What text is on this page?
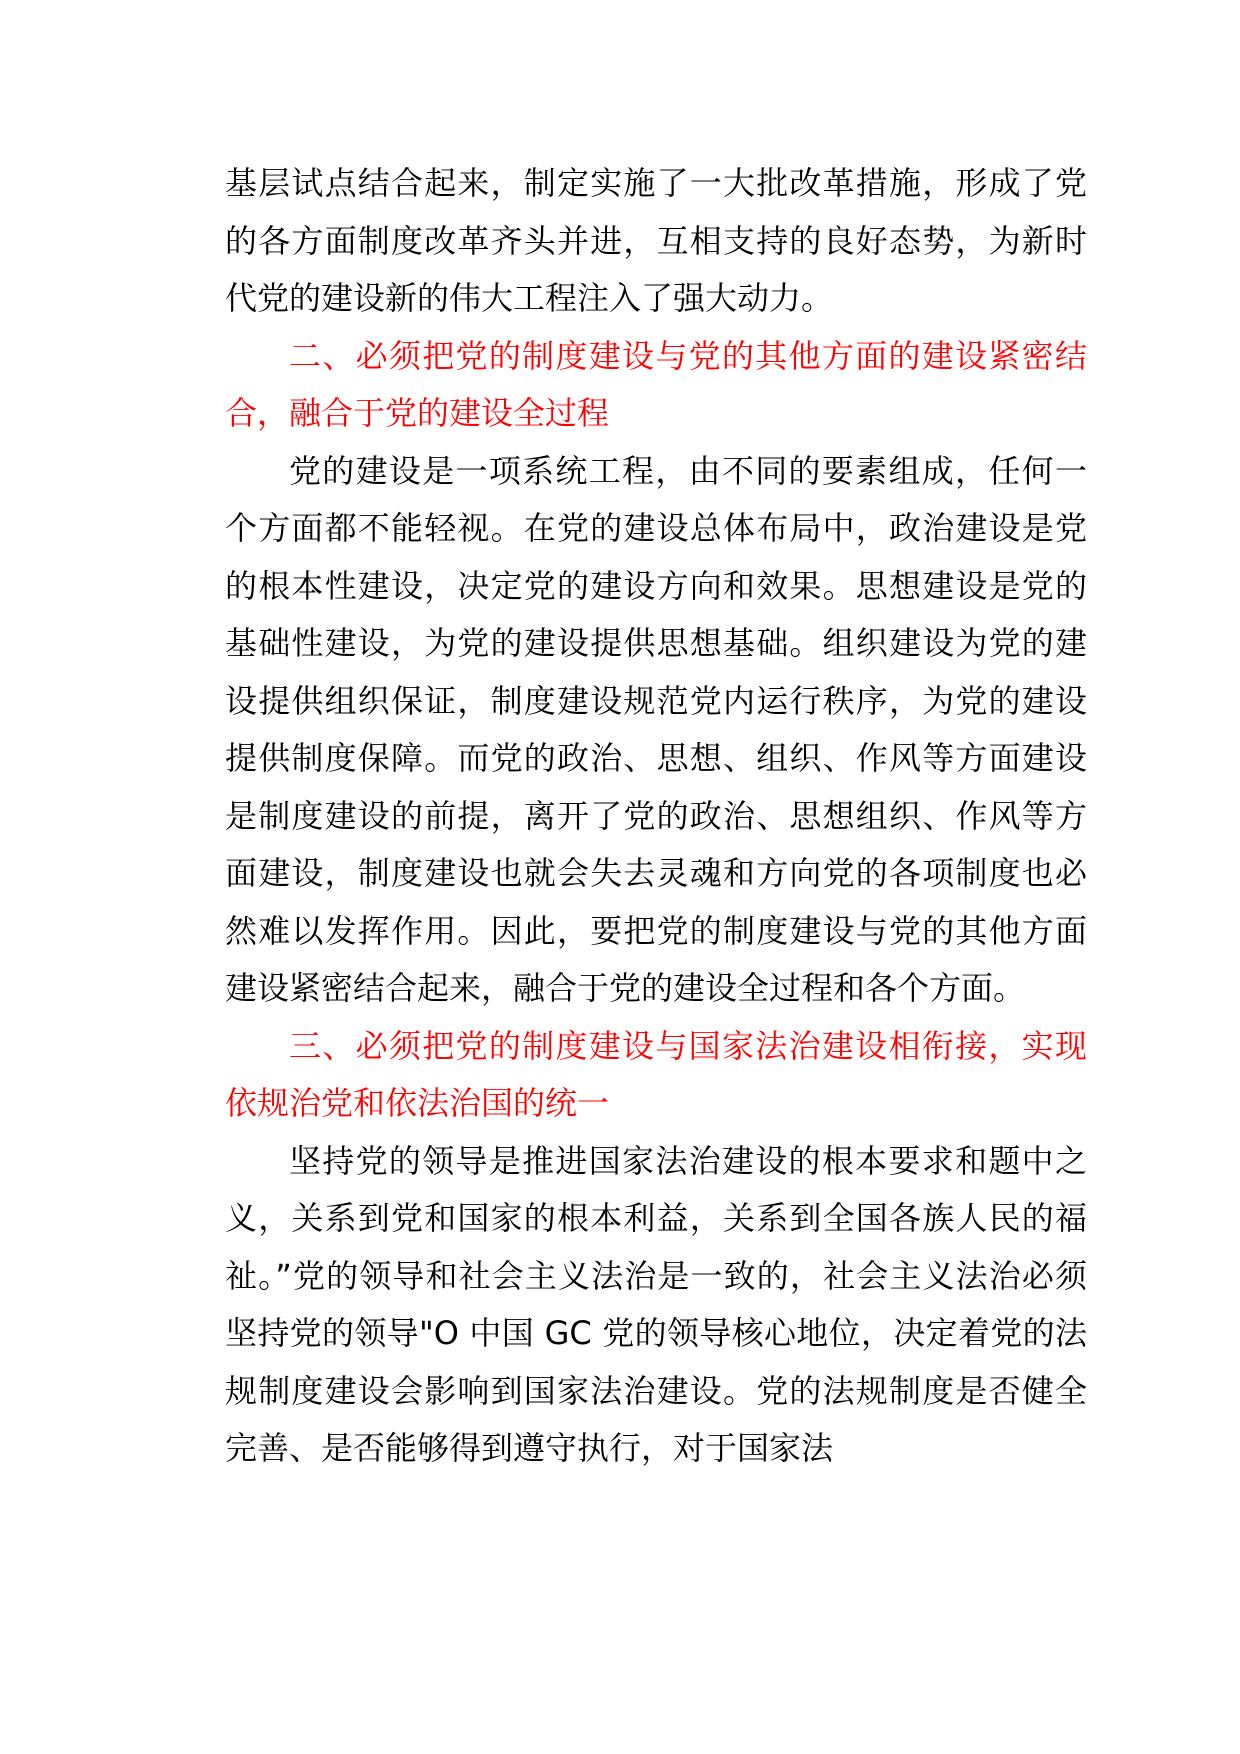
基层试点结合起来，制定实施了一大批改革措施，形成了党的各方面制度改革齐头并进，互相支持的良好态势，为新时代党的建设新的伟大工程注入了强大动力。

二、必须把党的制度建设与党的其他方面的建设紧密结合，融合于党的建设全过程

党的建设是一项系统工程，由不同的要素组成，任何一个方面都不能轻视。在党的建设总体布局中，政治建设是党的根本性建设，决定党的建设方向和效果。思想建设是党的基础性建设，为党的建设提供思想基础。组织建设为党的建设提供组织保证，制度建设规范党内运行秩序，为党的建设提供制度保障。而党的政治、思想、组织、作风等方面建设是制度建设的前提，离开了党的政治、思想组织、作风等方面建设，制度建设也就会失去灵魂和方向党的各项制度也必然难以发挥作用。因此，要把党的制度建设与党的其他方面建设紧密结合起来，融合于党的建设全过程和各个方面。

三、必须把党的制度建设与国家法治建设相衔接，实现依规治党和依法治国的统一

坚持党的领导是推进国家法治建设的根本要求和题中之义，关系到党和国家的根本利益，关系到全国各族人民的福祉。”党的领导和社会主义法治是一致的，社会主义法治必须坚持党的领导"O 中国 GC 党的领导核心地位，决定着党的法规制度建设会影响到国家法治建设。党的法规制度是否健全完善、是否能够得到遵守执行，对于国家法
